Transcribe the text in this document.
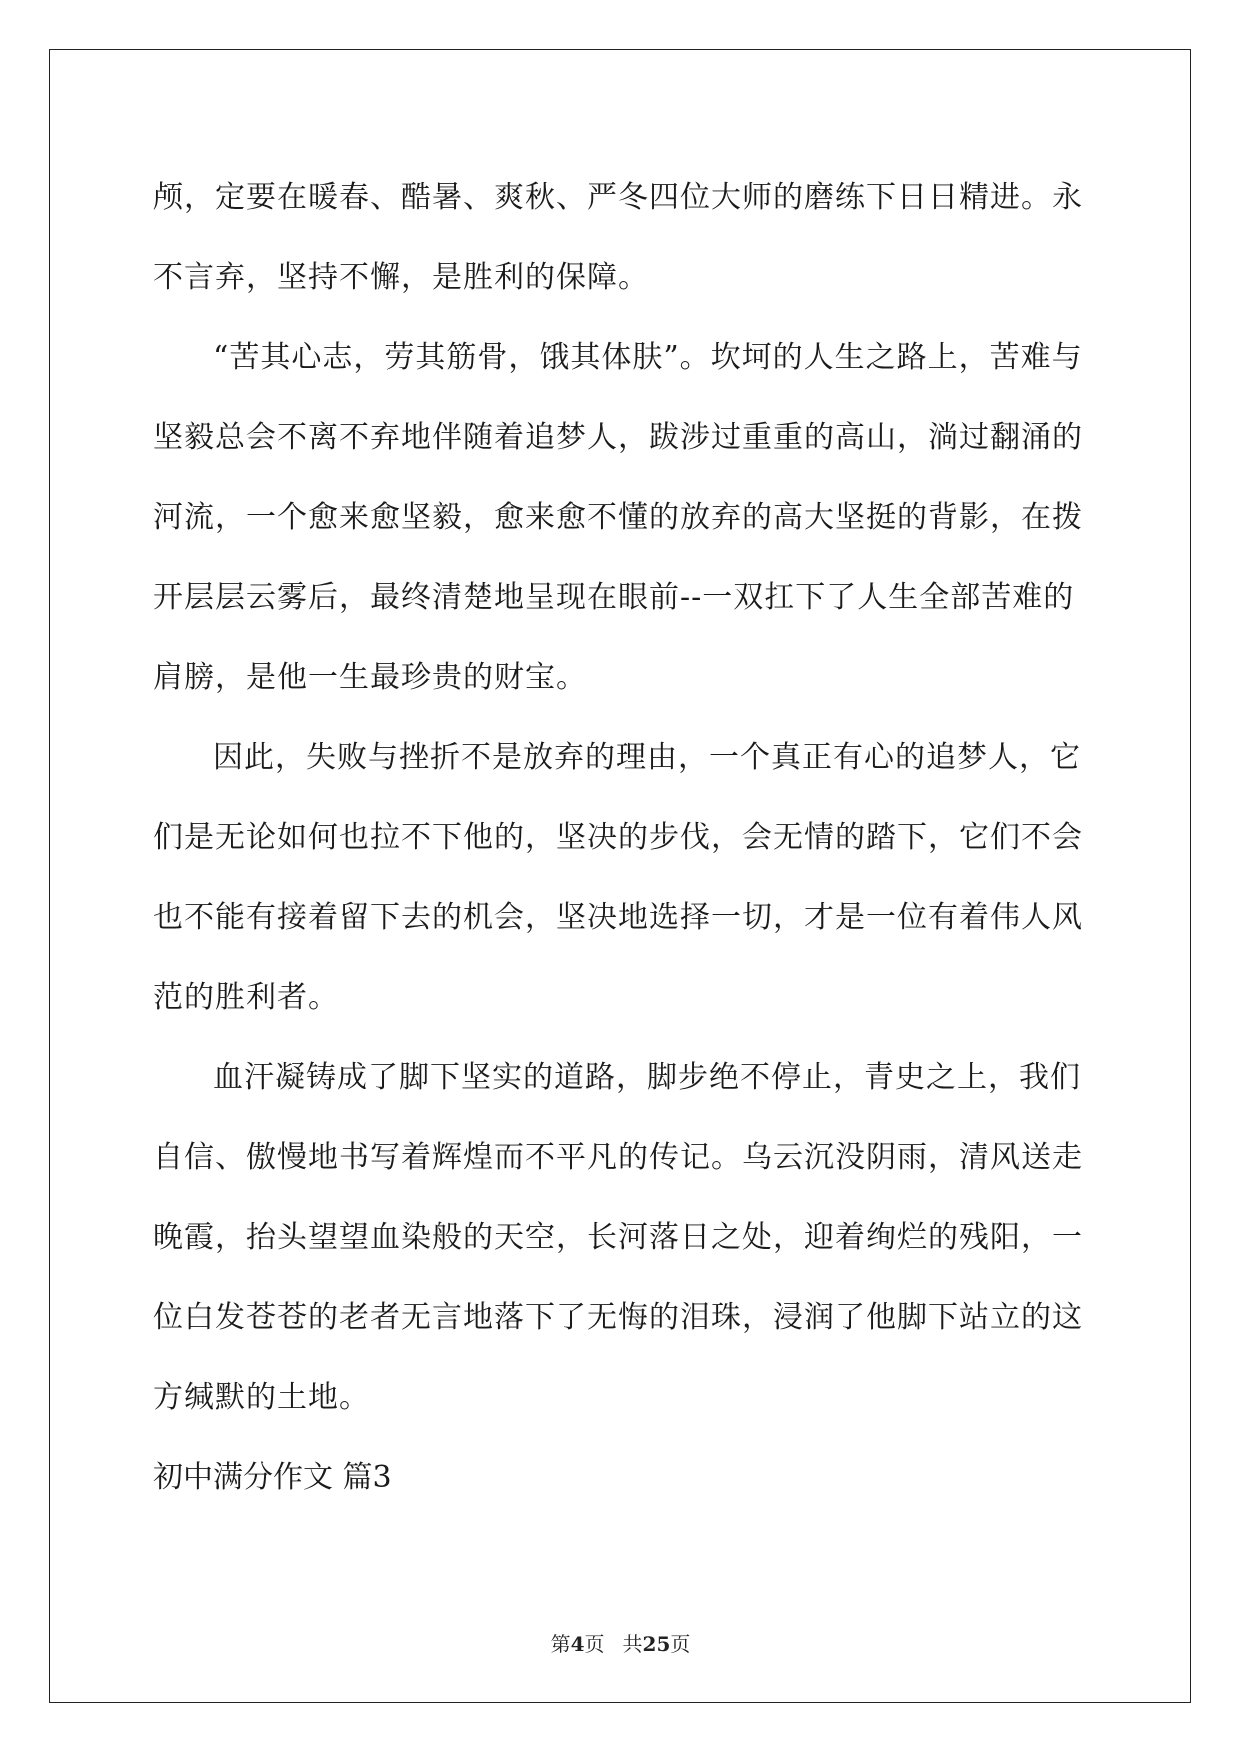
颅，定要在暖春、酷暑、爽秋、严冬四位大师的磨练下日日精进。永
不言弃，坚持不懈，是胜利的保障。
“苦其心志，劳其筋骨，饿其体肤”。坎坷的人生之路上，苦难与
坚毅总会不离不弃地伴随着追梦人，跋涉过重重的高山，淌过翻涌的
河流，一个愈来愈坚毅，愈来愈不懂的放弃的高大坚挺的背影，在拨
开层层云雾后，最终清楚地呈现在眼前--一双扛下了人生全部苦难的
肩膀，是他一生最珍贵的财宝。
因此，失败与挫折不是放弃的理由，一个真正有心的追梦人，它
们是无论如何也拉不下他的，坚决的步伐，会无情的踏下，它们不会
也不能有接着留下去的机会，坚决地选择一切，才是一位有着伟人风
范的胜利者。
血汗凝铸成了脚下坚实的道路，脚步绝不停止，青史之上，我们
自信、傲慢地书写着辉煌而不平凡的传记。乌云沉没阴雨，清风送走
晚霞，抬头望望血染般的天空，长河落日之处，迎着绚烂的残阳，一
位白发苍苍的老者无言地落下了无悔的泪珠，浸润了他脚下站立的这
方缄默的土地。
初中满分作文 篇3
第4页 共25页
